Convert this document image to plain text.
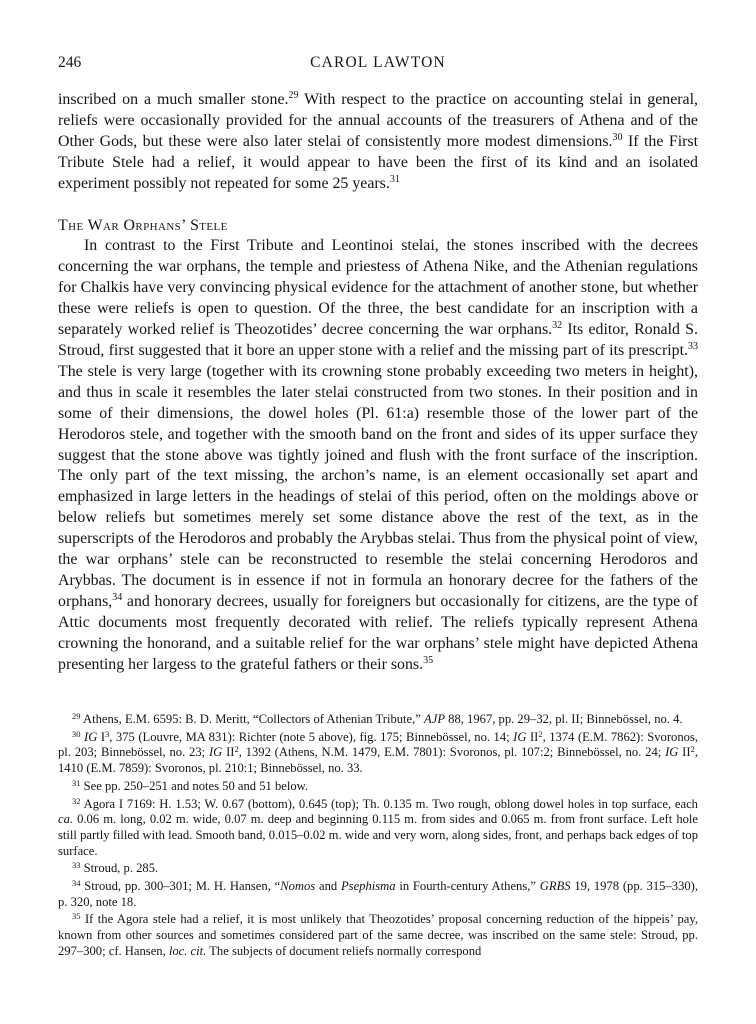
246	CAROL LAWTON

inscribed on a much smaller stone.$^{29}$ With respect to the practice on accounting stelai in general, reliefs were occasionally provided for the annual accounts of the treasurers of Athena and of the Other Gods, but these were also later stelai of consistently more modest dimensions.$^{30}$ If the First Tribute Stele had a relief, it would appear to have been the first of its kind and an isolated experiment possibly not repeated for some 25 years.$^{31}$

The War Orphans’ Stele

In contrast to the First Tribute and Leontinoi stelai, the stones inscribed with the decrees concerning the war orphans, the temple and priestess of Athena Nike, and the Athenian regulations for Chalkis have very convincing physical evidence for the attachment of another stone, but whether these were reliefs is open to question. Of the three, the best candidate for an inscription with a separately worked relief is Theozotides’ decree concerning the war orphans.$^{32}$ Its editor, Ronald S. Stroud, first suggested that it bore an upper stone with a relief and the missing part of its prescript.$^{33}$ The stele is very large (together with its crowning stone probably exceeding two meters in height), and thus in scale it resembles the later stelai constructed from two stones. In their position and in some of their dimensions, the dowel holes (Pl. 61:a) resemble those of the lower part of the Herodoros stele, and together with the smooth band on the front and sides of its upper surface they suggest that the stone above was tightly joined and flush with the front surface of the inscription. The only part of the text missing, the archon’s name, is an element occasionally set apart and emphasized in large letters in the headings of stelai of this period, often on the moldings above or below reliefs but sometimes merely set some distance above the rest of the text, as in the superscripts of the Herodoros and probably the Arybbas stelai. Thus from the physical point of view, the war orphans’ stele can be reconstructed to resemble the stelai concerning Herodoros and Arybbas. The document is in essence if not in formula an honorary decree for the fathers of the orphans,$^{34}$ and honorary decrees, usually for foreigners but occasionally for citizens, are the type of Attic documents most frequently decorated with relief. The reliefs typically represent Athena crowning the honorand, and a suitable relief for the war orphans’ stele might have depicted Athena presenting her largess to the grateful fathers or their sons.$^{35}$

$^{29}$ Athens, E.M. 6595: B. D. Meritt, “Collectors of Athenian Tribute,” AJP 88, 1967, pp. 29–32, pl. II; Binnebössel, no. 4.

$^{30}$ IG $I^3$, 375 (Louvre, MA 831): Richter (note 5 above), fig. 175; Binnebössel, no. 14; IG $II^2$, 1374 (E.M. 7862): Svoronos, pl. 203; Binnebössel, no. 23; IG $II^2$, 1392 (Athens, N.M. 1479, E.M. 7801): Svoronos, pl. 107:2; Binnebössel, no. 24; IG $II^2$, 1410 (E.M. 7859): Svoronos, pl. 210:1; Binnebössel, no. 33.

$^{31}$ See pp. 250–251 and notes 50 and 51 below.

$^{32}$ Agora I 7169: H. 1.53; W. 0.67 (bottom), 0.645 (top); Th. 0.135 m. Two rough, oblong dowel holes in top surface, each ca. 0.06 m. long, 0.02 m. wide, 0.07 m. deep and beginning 0.115 m. from sides and 0.065 m. from front surface. Left hole still partly filled with lead. Smooth band, 0.015–0.02 m. wide and very worn, along sides, front, and perhaps back edges of top surface.

$^{33}$ Stroud, p. 285.

$^{34}$ Stroud, pp. 300–301; M. H. Hansen, “Nomos and Psephisma in Fourth-century Athens,” GRBS 19, 1978 (pp. 315–330), p. 320, note 18.

$^{35}$ If the Agora stele had a relief, it is most unlikely that Theozotides’ proposal concerning reduction of the hippeis’ pay, known from other sources and sometimes considered part of the same decree, was inscribed on the same stele: Stroud, pp. 297–300; cf. Hansen, loc. cit. The subjects of document reliefs normally correspond
